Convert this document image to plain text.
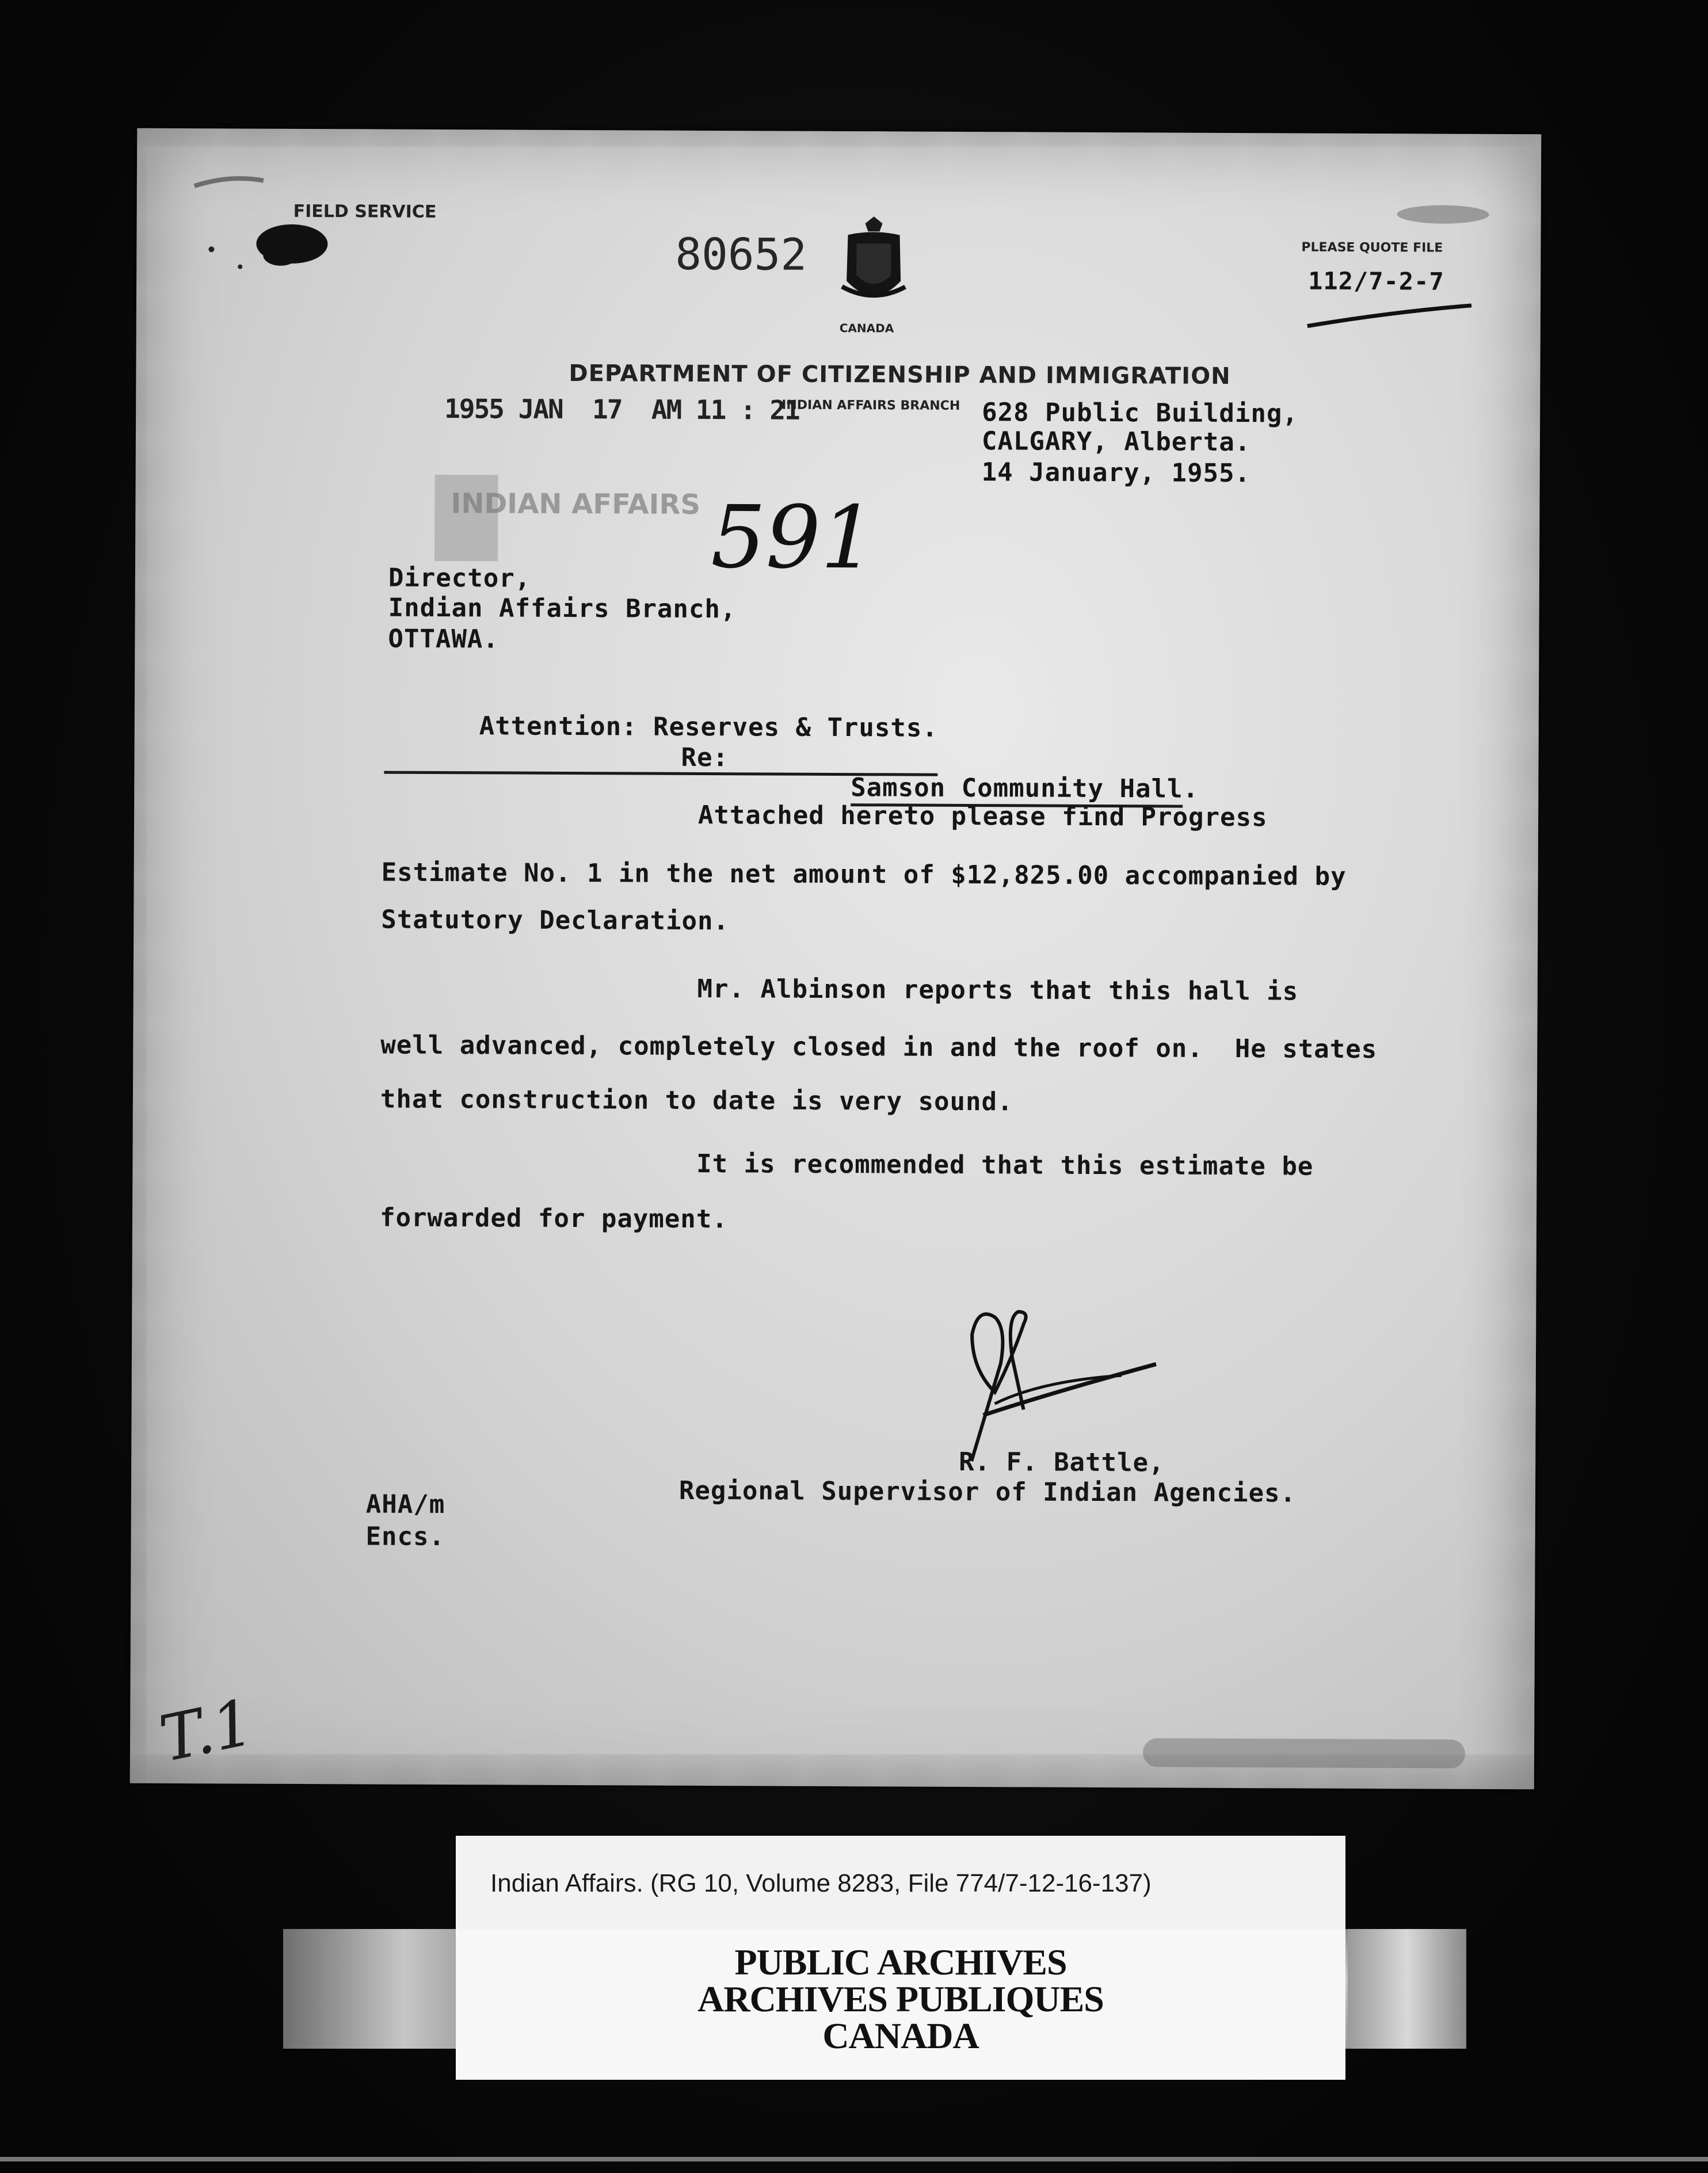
FIELD SERVICE
80652
CANADA
PLEASE QUOTE FILE
112/7-2-7
DEPARTMENT OF CITIZENSHIP AND IMMIGRATION
1955 JAN  17  AM 11 : 21
INDIAN AFFAIRS BRANCH 628 Public Building,
CALGARY, Alberta.
14 January, 1955.
INDIAN AFFAIRS 591
Director,
Indian Affairs Branch,
OTTAWA.

Attention: Reserves & Trusts.

Re:

Samson Community Hall.

Attached hereto please find Progress
Estimate No. 1 in the net amount of $12,825.00 accompanied by
Statutory Declaration.
Mr. Albinson reports that this hall is
well advanced, completely closed in and the roof on.  He states
that construction to date is very sound.
It is recommended that this estimate be
forwarded for payment.
R. F. Battle,
Regional Supervisor of Indian Agencies.
AHA/m
Encs.
T.1
Indian Affairs. (RG 10, Volume 8283, File 774/7-12-16-137)
PUBLIC ARCHIVES
ARCHIVES PUBLIQUES
CANADA
